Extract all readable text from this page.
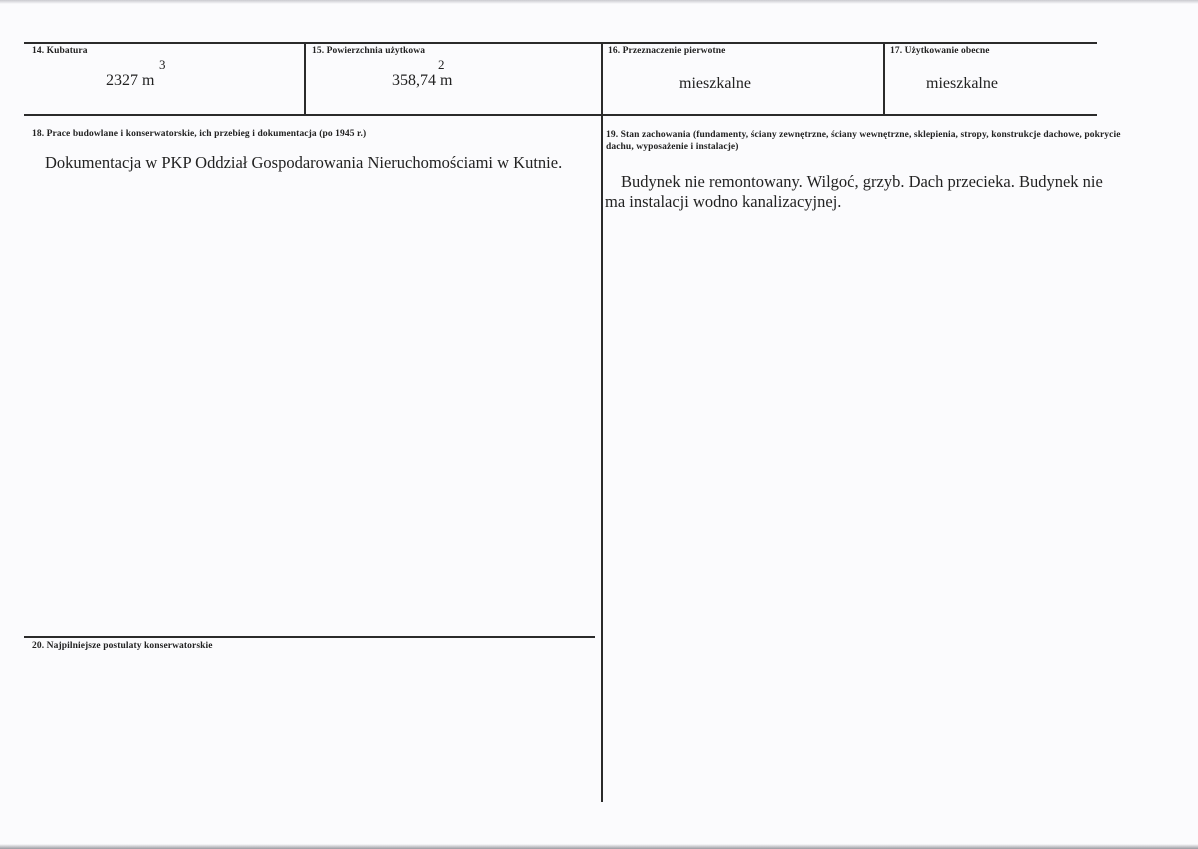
14. Kubatura
3
2327 m
15. Powierzchnia użytkowa
2
358,74 m
16. Przeznaczenie pierwotne
mieszkalne
17. Użytkowanie obecne
mieszkalne
18. Prace budowlane i konserwatorskie, ich przebieg i dokumentacja (po 1945 r.)
Dokumentacja w PKP Oddział Gospodarowania Nieruchomościami w Kutnie.
19. Stan zachowania (fundamenty, ściany zewnętrzne, ściany wewnętrzne, sklepienia, stropy, konstrukcje dachowe, pokrycie dachu, wyposażenie i instalacje)
Budynek nie remontowany. Wilgoć, grzyb. Dach przecieka. Budynek nie
ma instalacji wodno kanalizacyjnej.
20. Najpilniejsze postulaty konserwatorskie
